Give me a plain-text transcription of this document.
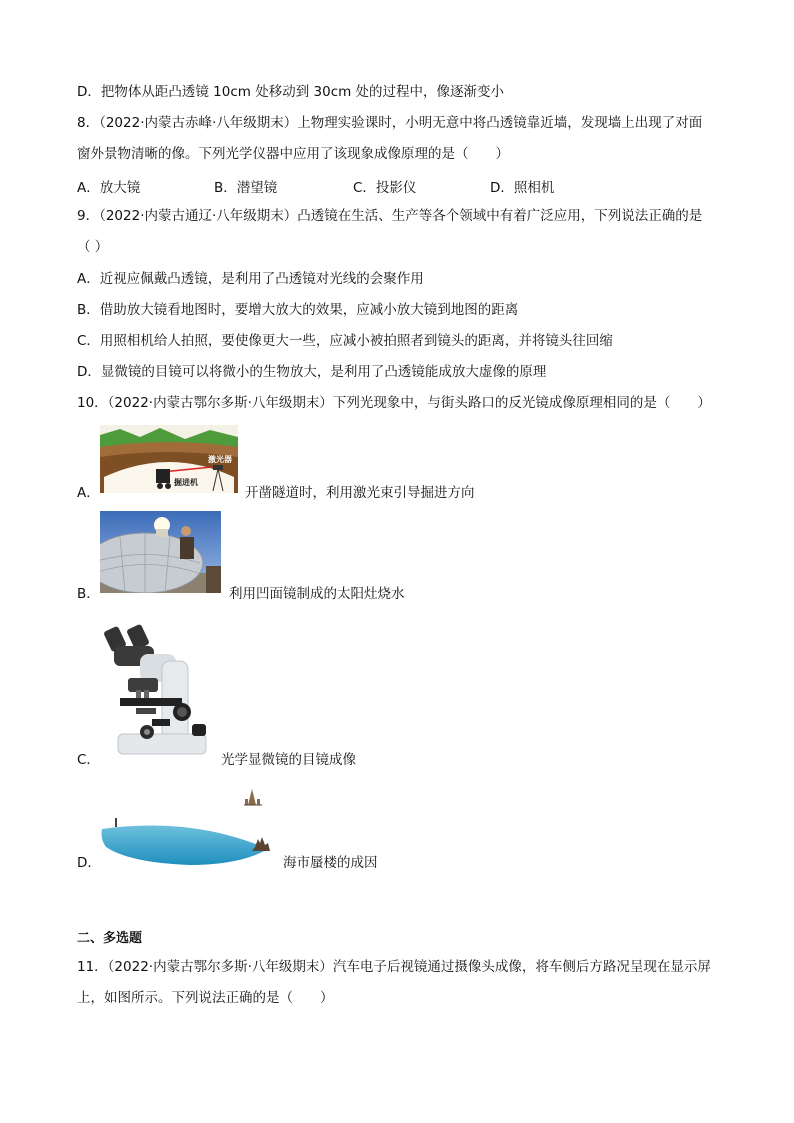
D．把物体从距凸透镜 10cm 处移动到 30cm 处的过程中，像逐渐变小
8．（2022·内蒙古赤峰·八年级期末）上物理实验课时，小明无意中将凸透镜靠近墙，发现墙上出现了对面
窗外景物清晰的像。下列光学仪器中应用了该现象成像原理的是（　　）
A．放大镜	B．潜望镜	C．投影仪	D．照相机
9．（2022·内蒙古通辽·八年级期末）凸透镜在生活、生产等各个领域中有着广泛应用，下列说法正确的是
（ ）
A．近视应佩戴凸透镜，是利用了凸透镜对光线的会聚作用
B．借助放大镜看地图时，要增大放大的效果，应减小放大镜到地图的距离
C．用照相机给人拍照，要使像更大一些，应减小被拍照者到镜头的距离，并将镜头往回缩
D．显微镜的目镜可以将微小的生物放大，是利用了凸透镜能成放大虚像的原理
10．（2022·内蒙古鄂尔多斯·八年级期末）下列光现象中，与街头路口的反光镜成像原理相同的是（　　）
A．
激光器
掘进机
开凿隧道时，利用激光束引导掘进方向
B．	利用凹面镜制成的太阳灶烧水
C．	光学显微镜的目镜成像
D．	海市蜃楼的成因
二、多选题
11．（2022·内蒙古鄂尔多斯·八年级期末）汽车电子后视镜通过摄像头成像，将车侧后方路况呈现在显示屏
上，如图所示。下列说法正确的是（　　）
